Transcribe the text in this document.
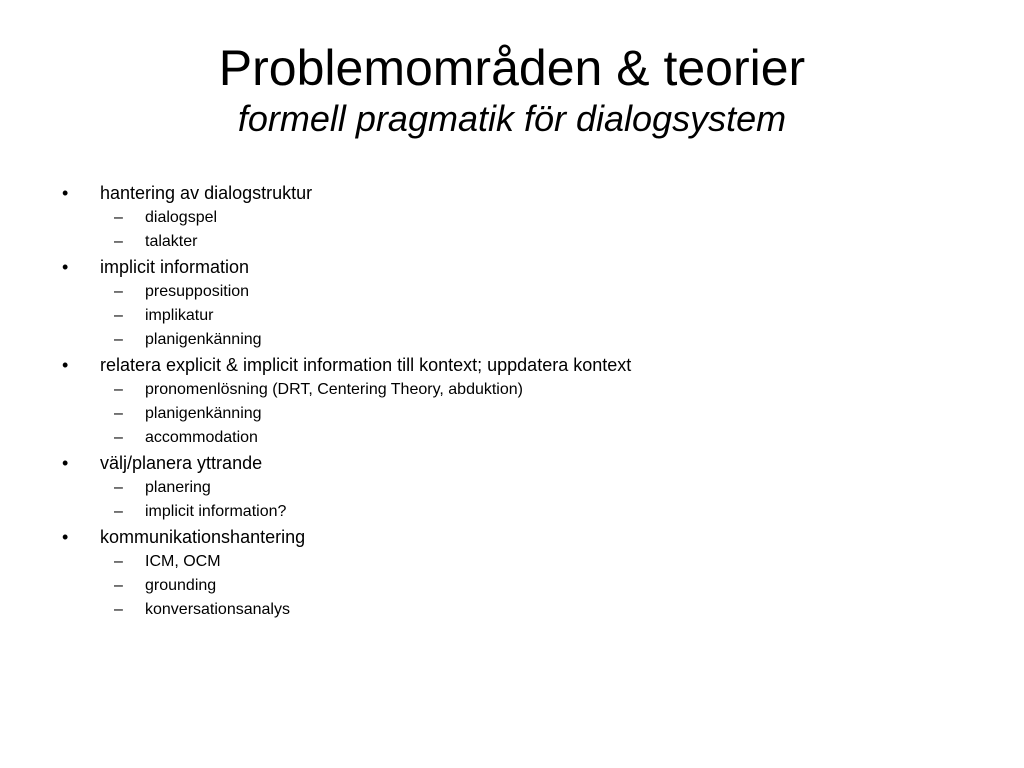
Problemområden & teorier
formell pragmatik för dialogsystem
•	hantering av dialogstruktur
–	dialogspel
–	talakter
•	implicit information
–	presupposition
–	implikatur
–	planigenkänning
•	relatera explicit & implicit information till kontext; uppdatera kontext
–	pronomenlösning (DRT, Centering Theory, abduktion)
–	planigenkänning
–	accommodation
•	välj/planera yttrande
–	planering
–	implicit information?
•	kommunikationshantering
–	ICM, OCM
–	grounding
–	konversationsanalys
